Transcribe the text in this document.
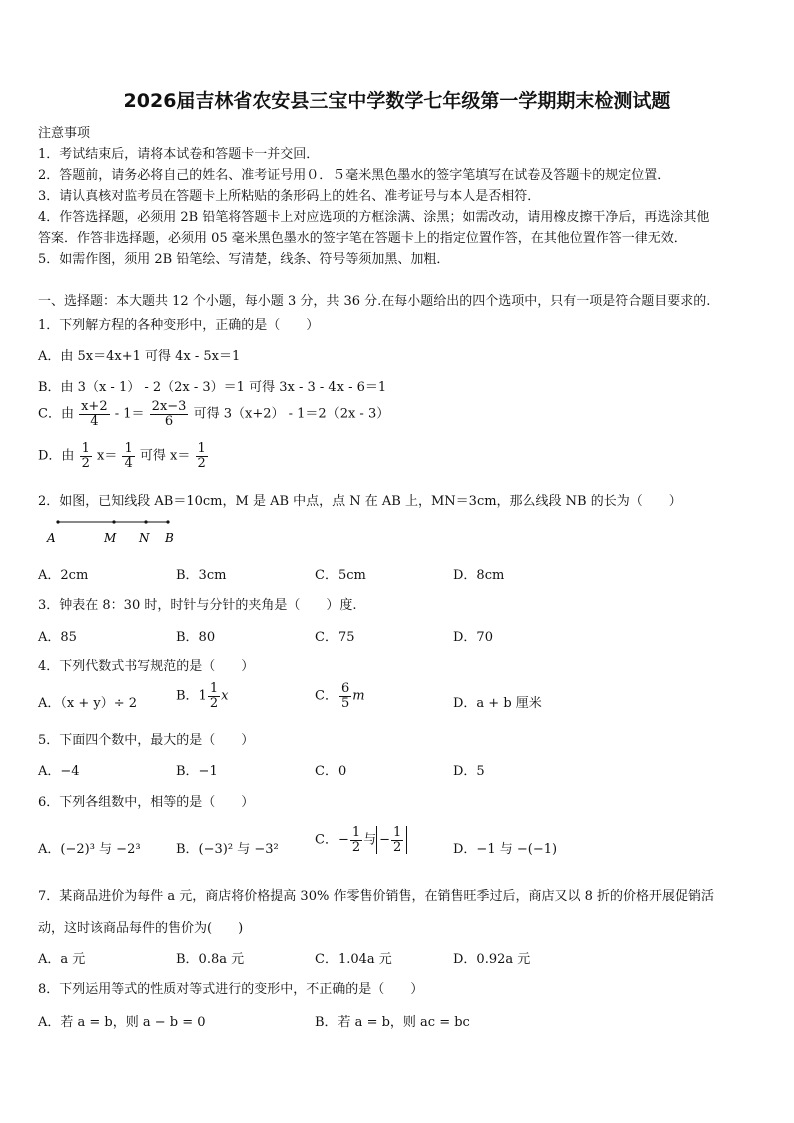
2026届吉林省农安县三宝中学数学七年级第一学期期末检测试题
注意事项
1．考试结束后，请将本试卷和答题卡一并交回．
2．答题前，请务必将自己的姓名、准考证号用０．５毫米黑色墨水的签字笔填写在试卷及答题卡的规定位置．
3．请认真核对监考员在答题卡上所粘贴的条形码上的姓名、准考证号与本人是否相符．
4．作答选择题，必须用 2B 铅笔将答题卡上对应选项的方框涂满、涂黑；如需改动，请用橡皮擦干净后，再选涂其他
答案．作答非选择题，必须用 05 毫米黑色墨水的签字笔在答题卡上的指定位置作答，在其他位置作答一律无效．
5．如需作图，须用 2B 铅笔绘、写清楚，线条、符号等须加黑、加粗．
一、选择题：本大题共 12 个小题，每小题 3 分，共 36 分.在每小题给出的四个选项中，只有一项是符合题目要求的.
1．下列解方程的各种变形中，正确的是（　　）
A．由 5x＝4x+1 可得 4x - 5x＝1
B．由 3（x - 1） - 2（2x - 3）＝1 可得 3x - 3 - 4x - 6＝1
C．由 $\frac{x+2}{4} - 1= \frac{2x-3}{6}$ 可得 3（x+2） - 1＝2（2x - 3）
D．由 $\frac{1}{2} x= \frac{1}{4}$ 可得 $x= \frac{1}{2}$
2．如图，已知线段 AB＝10cm，M 是 AB 中点，点 N 在 AB 上，MN＝3cm，那么线段 NB 的长为（　　）
A	M N B
A．2cm	B．3cm	C．5cm	D．8cm
3．钟表在 8：30 时，时针与分针的夹角是（　　）度.
A．85	B．80	C．75	D．70
4．下列代数式书写规范的是（　　）
A．（x + y）÷ 2	B．$1 \frac{1}{2}$ x	C． $\frac{6}{5}$ m	D．a + b 厘米
5．下面四个数中，最大的是（　　）
A．−4	B．−1	C．0	D．5
6．下列各组数中，相等的是（　　）
A．(−2)³ 与 −2³	B．(−3)² 与 −3²
C．− $\frac{1}{2}$ 与 − $\frac{1}{2}$	D．−1 与 −(−1)
7．某商品进价为每件 a 元，商店将价格提高 30% 作零售价销售，在销售旺季过后，商店又以 8 折的价格开展促销活
动，这时该商品每件的售价为(　　)
A．a 元	B．0.8a 元	C．1.04a 元	D．0.92a 元
8．下列运用等式的性质对等式进行的变形中，不正确的是（　　）
A．若 a = b，则 a − b = 0	B．若 a = b，则 ac = bc
